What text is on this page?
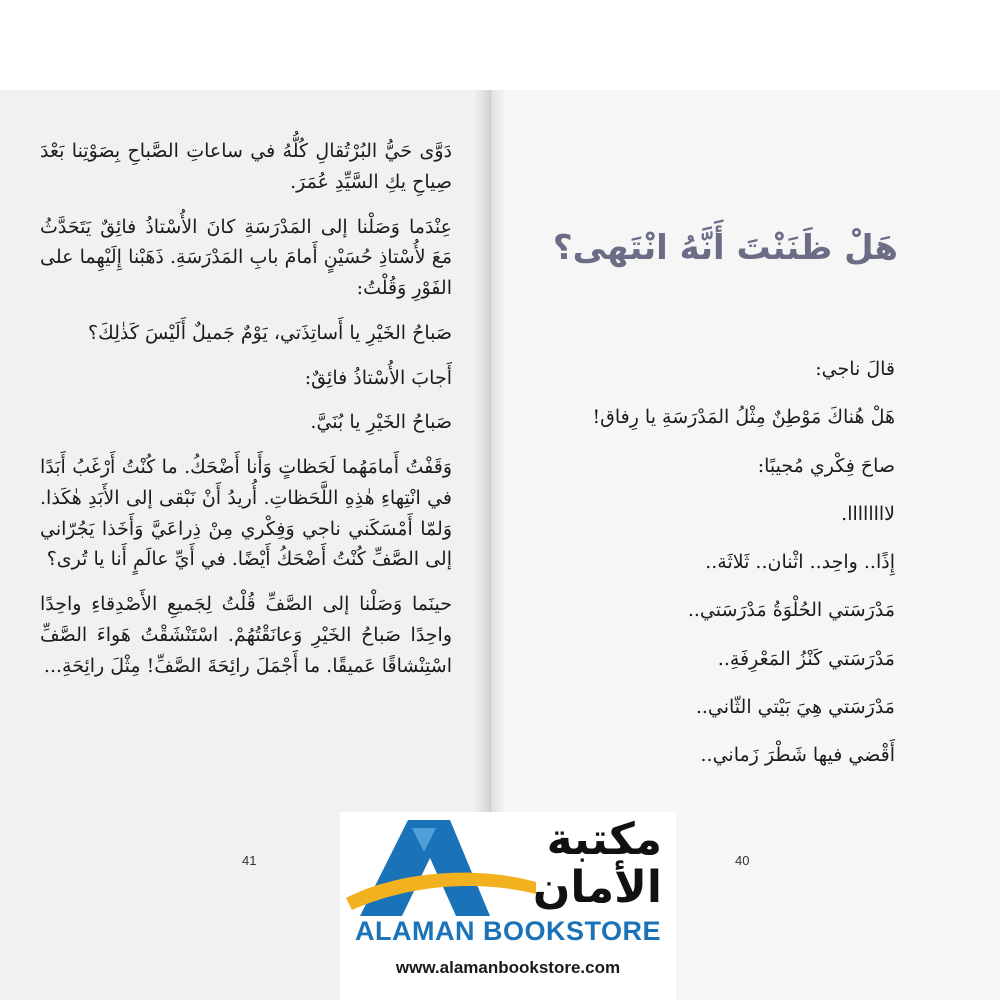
دَوَّى حَيُّ البُرْتُقالِ كُلُّهُ في ساعاتِ الصَّباحِ بِصَوْتِنا بَعْدَ صِياحِ يكِ السَّيِّدِ عُمَرَ.

عِنْدَما وَصَلْنا إلى المَدْرَسَةِ كانَ الأُسْتاذُ فائِقٌ يَتَحَدَّثُ مَعَ لأُسْتاذِ حُسَيْنٍ أَمامَ بابِ المَدْرَسَةِ. ذَهَبْنا إِلَيْهِما على الفَوْرِ وَقُلْتُ:

صَباحُ الخَيْرِ يا أَساتِذَتي، يَوْمٌ جَميلٌ أَلَيْسَ كَذٰلِكَ؟

أَجابَ الأُسْتاذُ فائِقٌ:

صَباحُ الخَيْرِ يا بُنَيَّ.

وَقَفْتُ أَمامَهُما لَحَظاتٍ وَأَنا أَضْحَكُ. ما كُنْتُ أَرْغَبُ أَبَدًا في انْتِهاءِ هٰذِهِ اللَّحَظاتِ. أُريدُ أَنْ نَبْقى إلى الأَبَدِ هٰكَذا. وَلمّا أَمْسَكَني ناجي وَفِكْري مِنْ ذِراعَيَّ وَأَخَذا يَجُرّاني إلى الصَّفِّ كُنْتُ أَضْحَكُ أَيْضًا. في أَيِّ عالَمٍ أَنا يا تُرى؟

حينَما وَصَلْنا إلى الصَّفِّ قُلْتُ لِجَميعِ الأَصْدِقاءِ واحِدًا واحِدًا صَباحُ الخَيْرِ وَعانَقْتُهُمْ. اسْتَنْشَقْتُ هَواءَ الصَّفِّ اسْتِنْشاقًا عَميقًا. ما أَجْمَلَ رائِحَةَ الصَّفِّ! مِثْلَ رائِحَةِ...

هَلْ ظَنَنْتَ أَنَّهُ انْتَهى؟

قالَ ناجي:

هَلْ هُناكَ مَوْطِنٌ مِثْلُ المَدْرَسَةِ يا رِفاق!

صاحَ فِكْري مُجيبًا:

لاااااااا.

إِذًا.. واحِد.. اثْنان.. ثَلاثَة..

مَدْرَسَتي الحُلْوَةُ مَدْرَسَتي..

مَدْرَسَتي كَنْزُ المَعْرِفَةِ..

مَدْرَسَتي هِيَ بَيْتي الثّاني..

أَقْضي فيها شَطْرَ زَماني..

41	40
مكتبة
الأمان
ALAMAN BOOKSTORE
www.alamanbookstore.com
